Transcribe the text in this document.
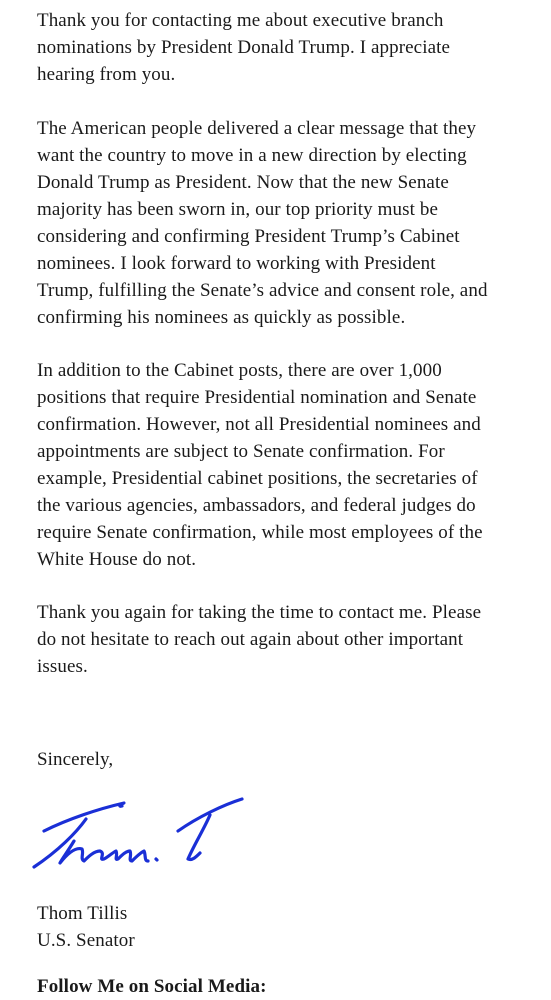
Thank you for contacting me about executive branch
nominations by President Donald Trump. I appreciate
hearing from you.

The American people delivered a clear message that they
want the country to move in a new direction by electing
Donald Trump as President. Now that the new Senate
majority has been sworn in, our top priority must be
considering and confirming President Trump’s Cabinet
nominees. I look forward to working with President
Trump, fulfilling the Senate’s advice and consent role, and
confirming his nominees as quickly as possible.

In addition to the Cabinet posts, there are over 1,000
positions that require Presidential nomination and Senate
confirmation. However, not all Presidential nominees and
appointments are subject to Senate confirmation. For
example, Presidential cabinet positions, the secretaries of
the various agencies, ambassadors, and federal judges do
require Senate confirmation, while most employees of the
White House do not.

Thank you again for taking the time to contact me. Please
do not hesitate to reach out again about other important
issues.

Sincerely,

Thom Tillis

U.S. Senator

Follow Me on Social Media:
